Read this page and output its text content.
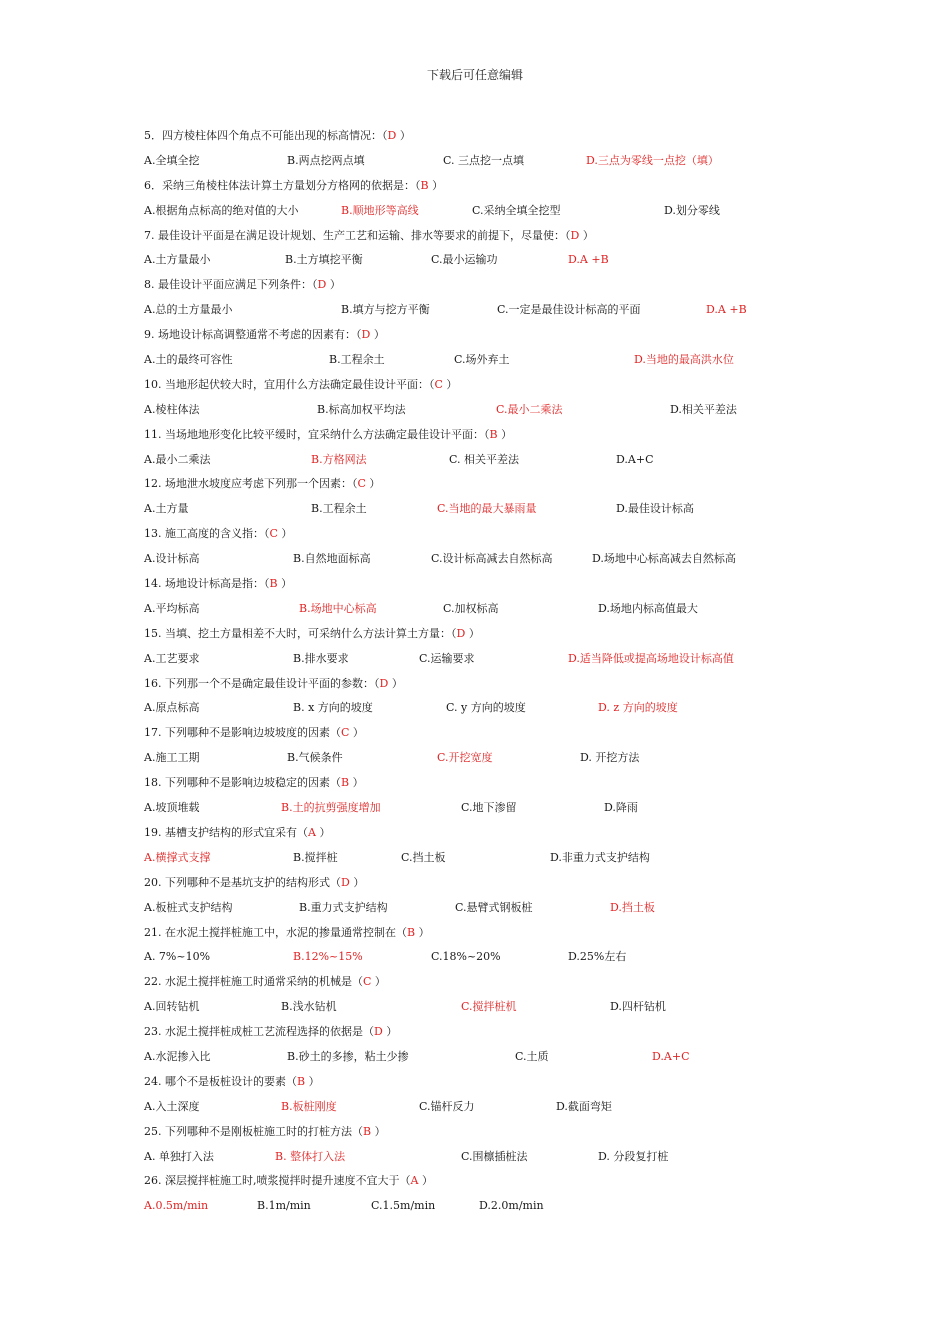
下载后可任意编辑
5．四方棱柱体四个角点不可能出现的标高情况：（D ）
A.全填全挖	B.两点挖两点填	C. 三点挖一点填	D.三点为零线一点挖（填）
6．采纳三角棱柱体法计算土方量划分方格网的依据是：（B ）
A.根据角点标高的绝对值的大小	B.顺地形等高线	C.采纳全填全挖型	D.划分零线
7. 最佳设计平面是在满足设计规划、生产工艺和运输、排水等要求的前提下，尽量使：（D ）
A.土方量最小	B.土方填挖平衡	C.最小运输功	D.A +B
8. 最佳设计平面应满足下列条件：（D ）
A.总的土方量最小	B.填方与挖方平衡	C.一定是最佳设计标高的平面	D.A +B
9. 场地设计标高调整通常不考虑的因素有：（D ）
A.土的最终可容性	B.工程余土	C.场外弃土	D.当地的最高洪水位
10. 当地形起伏较大时，宜用什么方法确定最佳设计平面：（C ）
A.棱柱体法	B.标高加权平均法	C.最小二乘法	D.相关平差法
11. 当场地地形变化比较平缓时，宜采纳什么方法确定最佳设计平面：（B ）
A.最小二乘法	B.方格网法	C. 相关平差法	D.A+C
12. 场地泄水坡度应考虑下列那一个因素：（C ）
A.土方量	B.工程余土	C.当地的最大暴雨量	D.最佳设计标高
13. 施工高度的含义指：（C ）
A.设计标高	B.自然地面标高	C.设计标高减去自然标高	D.场地中心标高减去自然标高
14. 场地设计标高是指：（B ）
A.平均标高	B.场地中心标高	C.加权标高	D.场地内标高值最大
15. 当填、挖土方量相差不大时，可采纳什么方法计算土方量：（D ）
A.工艺要求	B.排水要求	C.运输要求	D.适当降低或提高场地设计标高值
16. 下列那一个不是确定最佳设计平面的参数：（D ）
A.原点标高	B. x 方向的坡度	C. y 方向的坡度	D. z 方向的坡度
17. 下列哪种不是影响边坡坡度的因素（C ）
A.施工工期	B.气候条件	C.开挖宽度	D. 开挖方法
18. 下列哪种不是影响边坡稳定的因素（B ）
A.坡顶堆载	B.土的抗剪强度增加	C.地下渗留	D.降雨
19. 基槽支护结构的形式宜采有（A ）
A.横撑式支撑	B.搅拌桩	C.挡土板	D.非重力式支护结构
20. 下列哪种不是基坑支护的结构形式（D ）
A.板桩式支护结构	B.重力式支护结构	C.悬臂式钢板桩	D.挡土板
21. 在水泥土搅拌桩施工中，水泥的掺量通常控制在（B ）
A. 7%~10%	B.12%~15%	C.18%~20%	D.25%左右
22. 水泥土搅拌桩施工时通常采纳的机械是（C ）
A.回转钻机	B.浅水钻机	C.搅拌桩机	D.四杆钻机
23. 水泥土搅拌桩成桩工艺流程选择的依据是（D ）
A.水泥掺入比	B.砂土的多掺，粘土少掺	C.土质	D.A+C
24. 哪个不是板桩设计的要素（B ）
A.入土深度	B.板桩刚度	C.锚杆反力	D.截面弯矩
25. 下列哪种不是刚板桩施工时的打桩方法（B ）
A. 单独打入法	B. 整体打入法	C.围檩插桩法	D. 分段复打桩
26. 深层搅拌桩施工时,喷浆搅拌时提升速度不宜大于（A ）
A.0.5m/min	B.1m/min	C.1.5m/min	D.2.0m/min
